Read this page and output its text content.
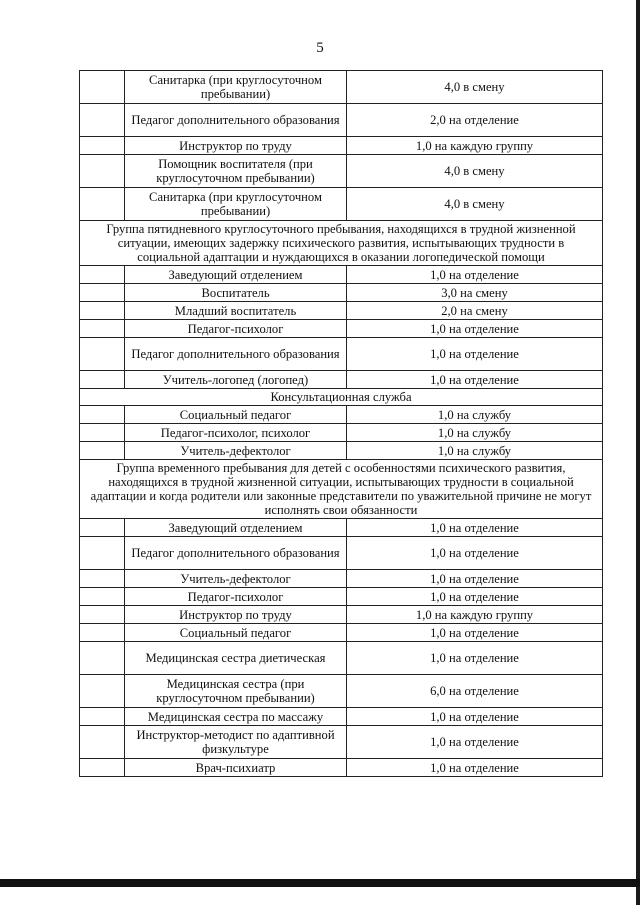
5
	Санитарка (при круглосуточном пребывании)	4,0 в смену
	Педагог дополнительного образования	2,0 на отделение
	Инструктор по труду	1,0 на каждую группу
	Помощник воспитателя (при круглосуточном пребывании)	4,0 в смену
	Санитарка (при круглосуточном пребывании)	4,0 в смену
Группа пятидневного круглосуточного пребывания, находящихся в трудной жизненной ситуации, имеющих задержку психического развития, испытывающих трудности в социальной адаптации и нуждающихся в оказании логопедической помощи		
	Заведующий отделением	1,0 на отделение
	Воспитатель	3,0 на смену
	Младший воспитатель	2,0 на смену
	Педагог-психолог	1,0 на отделение
	Педагог дополнительного образования	1,0 на отделение
	Учитель-логопед (логопед)	1,0 на отделение
Консультационная служба		
	Социальный педагог	1,0 на службу
	Педагог-психолог, психолог	1,0 на службу
	Учитель-дефектолог	1,0 на службу
Группа временного пребывания для детей с особенностями психического развития, находящихся в трудной жизненной ситуации, испытывающих трудности в социальной адаптации и когда родители или законные представители по уважительной причине не могут исполнять свои обязанности		
	Заведующий отделением	1,0 на отделение
	Педагог дополнительного образования	1,0 на отделение
	Учитель-дефектолог	1,0 на отделение
	Педагог-психолог	1,0 на отделение
	Инструктор по труду	1,0 на каждую группу
	Социальный педагог	1,0 на отделение
	Медицинская сестра диетическая	1,0 на отделение
	Медицинская сестра (при круглосуточном пребывании)	6,0 на отделение
	Медицинская сестра по массажу	1,0 на отделение
	Инструктор-методист по адаптивной физкультуре	1,0 на отделение
	Врач-психиатр	1,0 на отделение
